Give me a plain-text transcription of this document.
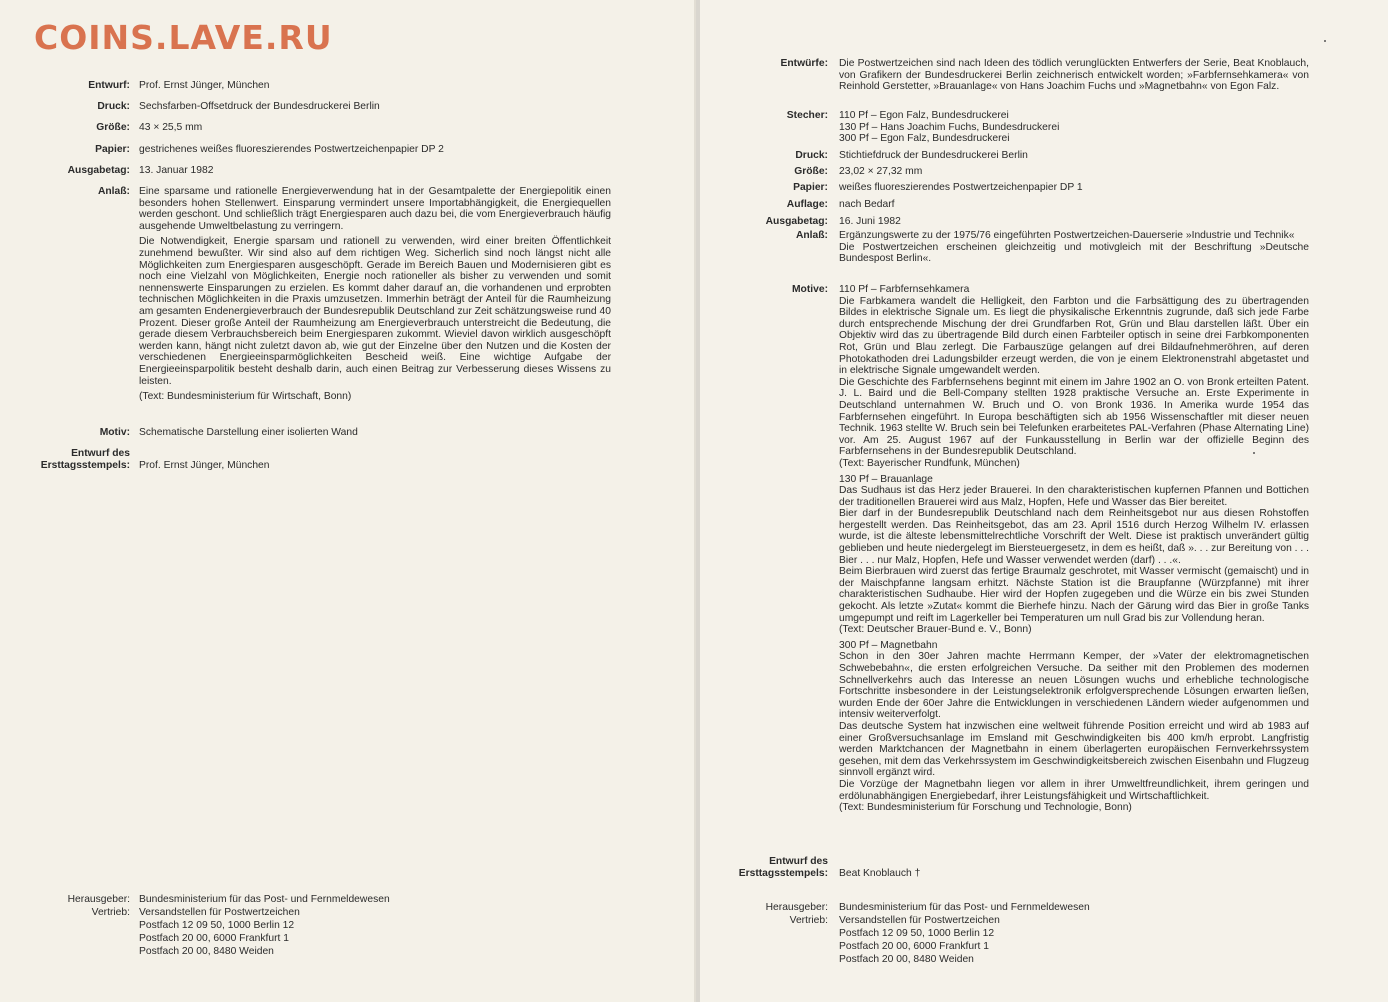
COINS.LAVE.RU
Entwurf: Prof. Ernst Jünger, München
Druck: Sechsfarben-Offsetdruck der Bundesdruckerei Berlin
Größe: 43 × 25,5 mm
Papier: gestrichenes weißes fluoreszierendes Postwertzeichenpapier DP 2
Ausgabetag: 13. Januar 1982
Anlaß: Eine sparsame und rationelle Energieverwendung hat in der Gesamtpalette der Energiepolitik einen besonders hohen Stellenwert. Einsparung vermindert unsere Importabhängigkeit, die Energiequellen werden geschont. Und schließlich trägt Energiesparen auch dazu bei, die vom Energieverbrauch häufig ausgehende Umweltbelastung zu verringern.

Die Notwendigkeit, Energie sparsam und rationell zu verwenden, wird einer breiten Öffentlichkeit zunehmend bewußter. Wir sind also auf dem richtigen Weg. Sicherlich sind noch längst nicht alle Möglichkeiten zum Energiesparen ausgeschöpft. Gerade im Bereich Bauen und Modernisieren gibt es noch eine Vielzahl von Möglichkeiten, Energie noch rationeller als bisher zu verwenden und somit nennenswerte Einsparungen zu erzielen. Es kommt daher darauf an, die vorhandenen und erprobten technischen Möglichkeiten in die Praxis umzusetzen. Immerhin beträgt der Anteil für die Raumheizung am gesamten Endenergieverbrauch der Bundesrepublik Deutschland zur Zeit schätzungsweise rund 40 Prozent. Dieser große Anteil der Raumheizung am Energieverbrauch unterstreicht die Bedeutung, die gerade diesem Verbrauchsbereich beim Energiesparen zukommt. Wieviel davon wirklich ausgeschöpft werden kann, hängt nicht zuletzt davon ab, wie gut der Einzelne über den Nutzen und die Kosten der verschiedenen Energieeinsparmöglichkeiten Bescheid weiß. Eine wichtige Aufgabe der Energieeinsparpolitik besteht deshalb darin, auch einen Beitrag zur Verbesserung dieses Wissens zu leisten.

(Text: Bundesministerium für Wirtschaft, Bonn)

Motiv: Schematische Darstellung einer isolierten Wand
Entwurf des
Ersttagsstempels: Prof. Ernst Jünger, München
Herausgeber: Bundesministerium für das Post- und Fernmeldewesen
Vertrieb: Versandstellen für Postwertzeichen
Postfach 12 09 50, 1000 Berlin 12
Postfach 20 00, 6000 Frankfurt 1
Postfach 20 00, 8480 Weiden
Entwürfe: Die Postwertzeichen sind nach Ideen des tödlich verunglückten Entwerfers der Serie, Beat Knoblauch, von Grafikern der Bundesdruckerei Berlin zeichnerisch entwickelt worden; »Farbfernsehkamera« von Reinhold Gerstetter, »Brauanlage« von Hans Joachim Fuchs und »Magnetbahn« von Egon Falz.
Stecher: 110 Pf – Egon Falz, Bundesdruckerei

130 Pf – Hans Joachim Fuchs, Bundesdruckerei

300 Pf – Egon Falz, Bundesdruckerei

Druck: Stichtiefdruck der Bundesdruckerei Berlin
Größe: 23,02 × 27,32 mm
Papier: weißes fluoreszierendes Postwertzeichenpapier DP 1
Auflage: nach Bedarf
Ausgabetag: 16. Juni 1982
Anlaß: Ergänzungswerte zu der 1975/76 eingeführten Postwertzeichen-Dauerserie »Industrie und Technik«

Die Postwertzeichen erscheinen gleichzeitig und motivgleich mit der Beschriftung »Deutsche Bundespost Berlin«.

Motive: 110 Pf – Farbfernsehkamera

Die Farbkamera wandelt die Helligkeit, den Farbton und die Farbsättigung des zu übertragenden Bildes in elektrische Signale um. Es liegt die physikalische Erkenntnis zugrunde, daß sich jede Farbe durch entsprechende Mischung der drei Grundfarben Rot, Grün und Blau darstellen läßt. Über ein Objektiv wird das zu übertragende Bild durch einen Farbteiler optisch in seine drei Farbkomponenten Rot, Grün und Blau zerlegt. Die Farbauszüge gelangen auf drei Bildaufnehmeröhren, auf deren Photokathoden drei Ladungsbilder erzeugt werden, die von je einem Elektronenstrahl abgetastet und in elektrische Signale umgewandelt werden.

Die Geschichte des Farbfernsehens beginnt mit einem im Jahre 1902 an O. von Bronk erteilten Patent. J. L. Baird und die Bell-Company stellten 1928 praktische Versuche an. Erste Experimente in Deutschland unternahmen W. Bruch und O. von Bronk 1936. In Amerika wurde 1954 das Farbfernsehen eingeführt. In Europa beschäftigten sich ab 1956 Wissenschaftler mit dieser neuen Technik. 1963 stellte W. Bruch sein bei Telefunken erarbeitetes PAL-Verfahren (Phase Alternating Line) vor. Am 25. August 1967 auf der Funkausstellung in Berlin war der offizielle Beginn des Farbfernsehens in der Bundesrepublik Deutschland.

(Text: Bayerischer Rundfunk, München)

130 Pf – Brauanlage

Das Sudhaus ist das Herz jeder Brauerei. In den charakteristischen kupfernen Pfannen und Bottichen der traditionellen Brauerei wird aus Malz, Hopfen, Hefe und Wasser das Bier bereitet.

Bier darf in der Bundesrepublik Deutschland nach dem Reinheitsgebot nur aus diesen Rohstoffen hergestellt werden. Das Reinheitsgebot, das am 23. April 1516 durch Herzog Wilhelm IV. erlassen wurde, ist die älteste lebensmittelrechtliche Vorschrift der Welt. Diese ist praktisch unverändert gültig geblieben und heute niedergelegt im Biersteuergesetz, in dem es heißt, daß ». . . zur Bereitung von . . . Bier . . . nur Malz, Hopfen, Hefe und Wasser verwendet werden (darf) . . .«.

Beim Bierbrauen wird zuerst das fertige Braumalz geschrotet, mit Wasser vermischt (gemaischt) und in der Maischpfanne langsam erhitzt. Nächste Station ist die Braupfanne (Würzpfanne) mit ihrer charakteristischen Sudhaube. Hier wird der Hopfen zugegeben und die Würze ein bis zwei Stunden gekocht. Als letzte »Zutat« kommt die Bierhefe hinzu. Nach der Gärung wird das Bier in große Tanks umgepumpt und reift im Lagerkeller bei Temperaturen um null Grad bis zur Vollendung heran.

(Text: Deutscher Brauer-Bund e. V., Bonn)

300 Pf – Magnetbahn

Schon in den 30er Jahren machte Herrmann Kemper, der »Vater der elektromagnetischen Schwebebahn«, die ersten erfolgreichen Versuche. Da seither mit den Problemen des modernen Schnellverkehrs auch das Interesse an neuen Lösungen wuchs und erhebliche technologische Fortschritte insbesondere in der Leistungselektronik erfolgversprechende Lösungen erwarten ließen, wurden Ende der 60er Jahre die Entwicklungen in verschiedenen Ländern wieder aufgenommen und intensiv weiterverfolgt.

Das deutsche System hat inzwischen eine weltweit führende Position erreicht und wird ab 1983 auf einer Großversuchsanlage im Emsland mit Geschwindigkeiten bis 400 km/h erprobt. Langfristig werden Marktchancen der Magnetbahn in einem überlagerten europäischen Fernverkehrssystem gesehen, mit dem das Verkehrssystem im Geschwindigkeitsbereich zwischen Eisenbahn und Flugzeug sinnvoll ergänzt wird.

Die Vorzüge der Magnetbahn liegen vor allem in ihrer Umweltfreundlichkeit, ihrem geringen und erdölunabhängigen Energiebedarf, ihrer Leistungsfähigkeit und Wirtschaftlichkeit.

(Text: Bundesministerium für Forschung und Technologie, Bonn)

Entwurf des
Ersttagsstempels: Beat Knoblauch †
Herausgeber: Bundesministerium für das Post- und Fernmeldewesen
Vertrieb: Versandstellen für Postwertzeichen
Postfach 12 09 50, 1000 Berlin 12
Postfach 20 00, 6000 Frankfurt 1
Postfach 20 00, 8480 Weiden
